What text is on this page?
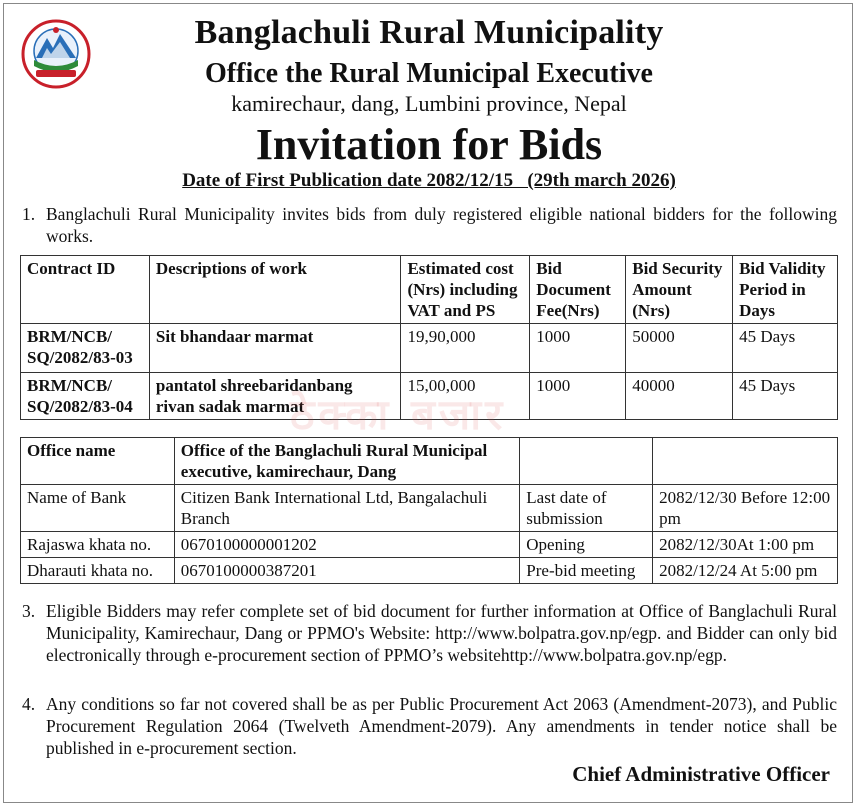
Banglachuli Rural Municipality
Office the Rural Municipal Executive
kamirechaur, dang, Lumbini province, Nepal
Invitation for Bids
Date of First Publication date 2082/12/15   (29th march 2026)
1. Banglachuli Rural Municipality invites bids from duly registered eligible national bidders for the following works.
Contract ID	Descriptions of work	Estimated cost (Nrs) including VAT and PS	Bid Document Fee(Nrs)	Bid Security Amount (Nrs)	Bid Validity Period in Days
BRM/NCB/ SQ/2082/83-03	Sit bhandaar marmat	19,90,000	1000	50000	45 Days
BRM/NCB/ SQ/2082/83-04	pantatol shreebaridanbang rivan sadak marmat	15,00,000	1000	40000	45 Days
ठेक्का बजार
Office name	Office of the Banglachuli Rural Municipal executive, kamirechaur, Dang		
Name of Bank	Citizen Bank International Ltd, Bangalachuli Branch	Last date of submission	2082/12/30 Before 12:00 pm
Rajaswa khata no.	0670100000001202	Opening	2082/12/30At 1:00 pm
Dharauti khata no.	0670100000387201	Pre-bid meeting	2082/12/24 At 5:00 pm
3. Eligible Bidders may refer complete set of bid document for further information at Office of Banglachuli Rural Municipality, Kamirechaur, Dang or PPMO's Website: http://www.bolpatra.gov.np/egp. and Bidder can only bid electronically through e-procurement section of PPMO’s websitehttp://www.bolpatra.gov.np/egp.
4. Any conditions so far not covered shall be as per Public Procurement Act 2063 (Amendment-2073), and Public Procurement Regulation 2064 (Twelveth Amendment-2079). Any amendments in tender notice shall be published in e-procurement section.
Chief Administrative Officer
